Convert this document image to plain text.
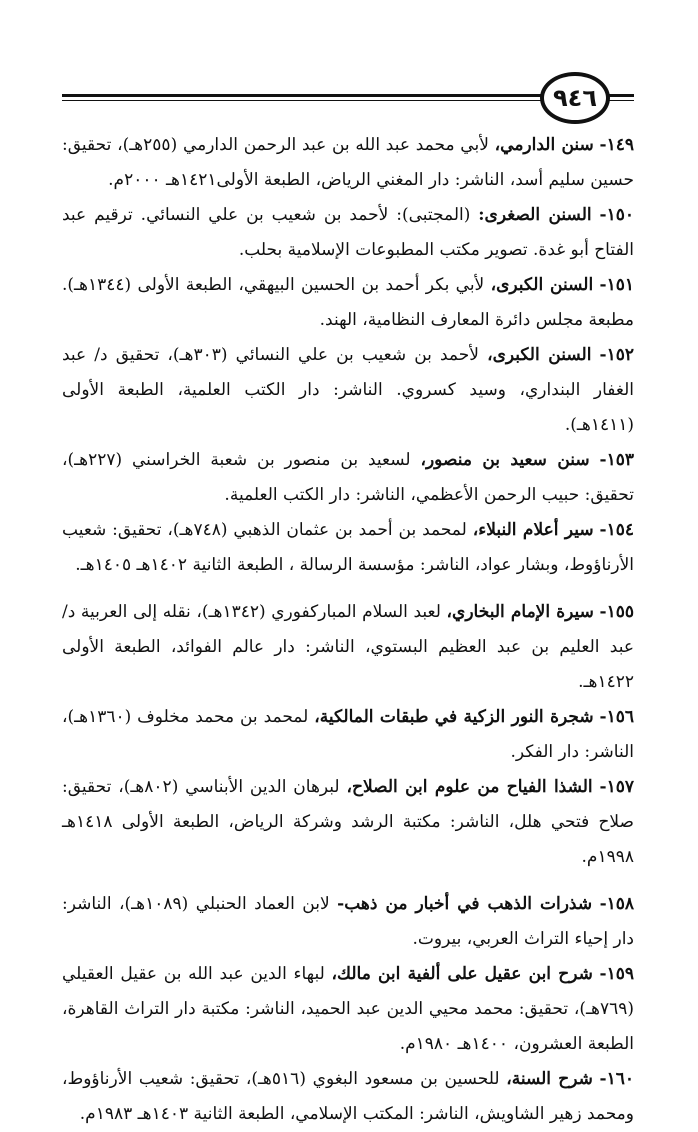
٩٤٦

١٤٩- سنن الدارمي، لأبي محمد عبد الله بن عبد الرحمن الدارمي (٢٥٥هـ)، تحقيق: حسين سليم أسد، الناشر: دار المغني الرياض، الطبعة الأولى١٤٢١هـ ٢٠٠٠م.

١٥٠- السنن الصغرى: (المجتبى): لأحمد بن شعيب بن علي النسائي. ترقيم عبد الفتاح أبو غدة. تصوير مكتب المطبوعات الإسلامية بحلب.

١٥١- السنن الكبرى، لأبي بكر أحمد بن الحسين البيهقي، الطبعة الأولى (١٣٤٤هـ). مطبعة مجلس دائرة المعارف النظامية، الهند.

١٥٢- السنن الكبرى، لأحمد بن شعيب بن علي النسائي (٣٠٣هـ)، تحقيق د/ عبد الغفار البنداري، وسيد كسروي. الناشر: دار الكتب العلمية، الطبعة الأولى (١٤١١هـ).

١٥٣- سنن سعيد بن منصور، لسعيد بن منصور بن شعبة الخراسني (٢٢٧هـ)، تحقيق: حبيب الرحمن الأعظمي، الناشر: دار الكتب العلمية.

١٥٤- سير أعلام النبلاء، لمحمد بن أحمد بن عثمان الذهبي (٧٤٨هـ)، تحقيق: شعيب الأرناؤوط، وبشار عواد، الناشر: مؤسسة الرسالة ، الطبعة الثانية ١٤٠٢هـ ١٤٠٥هـ.

١٥٥- سيرة الإمام البخاري، لعبد السلام المباركفوري (١٣٤٢هـ)، نقله إلى العربية د/ عبد العليم بن عبد العظيم البستوي، الناشر: دار عالم الفوائد، الطبعة الأولى ١٤٢٢هـ.

١٥٦- شجرة النور الزكية في طبقات المالكية، لمحمد بن محمد مخلوف (١٣٦٠هـ)، الناشر: دار الفكر.

١٥٧- الشذا الفياح من علوم ابن الصلاح، لبرهان الدين الأبناسي (٨٠٢هـ)، تحقيق: صلاح فتحي هلل، الناشر: مكتبة الرشد وشركة الرياض، الطبعة الأولى ١٤١٨هـ ١٩٩٨م.

١٥٨- شذرات الذهب في أخبار من ذهب- لابن العماد الحنبلي (١٠٨٩هـ)، الناشر: دار إحياء التراث العربي، بيروت.

١٥٩- شرح ابن عقيل على ألفية ابن مالك، لبهاء الدين عبد الله بن عقيل العقيلي (٧٦٩هـ)، تحقيق: محمد محيي الدين عبد الحميد، الناشر: مكتبة دار التراث القاهرة، الطبعة العشرون، ١٤٠٠هـ ١٩٨٠م.

١٦٠- شرح السنة، للحسين بن مسعود البغوي (٥١٦هـ)، تحقيق: شعيب الأرناؤوط، ومحمد زهير الشاويش، الناشر: المكتب الإسلامي، الطبعة الثانية ١٤٠٣هـ ١٩٨٣م.
